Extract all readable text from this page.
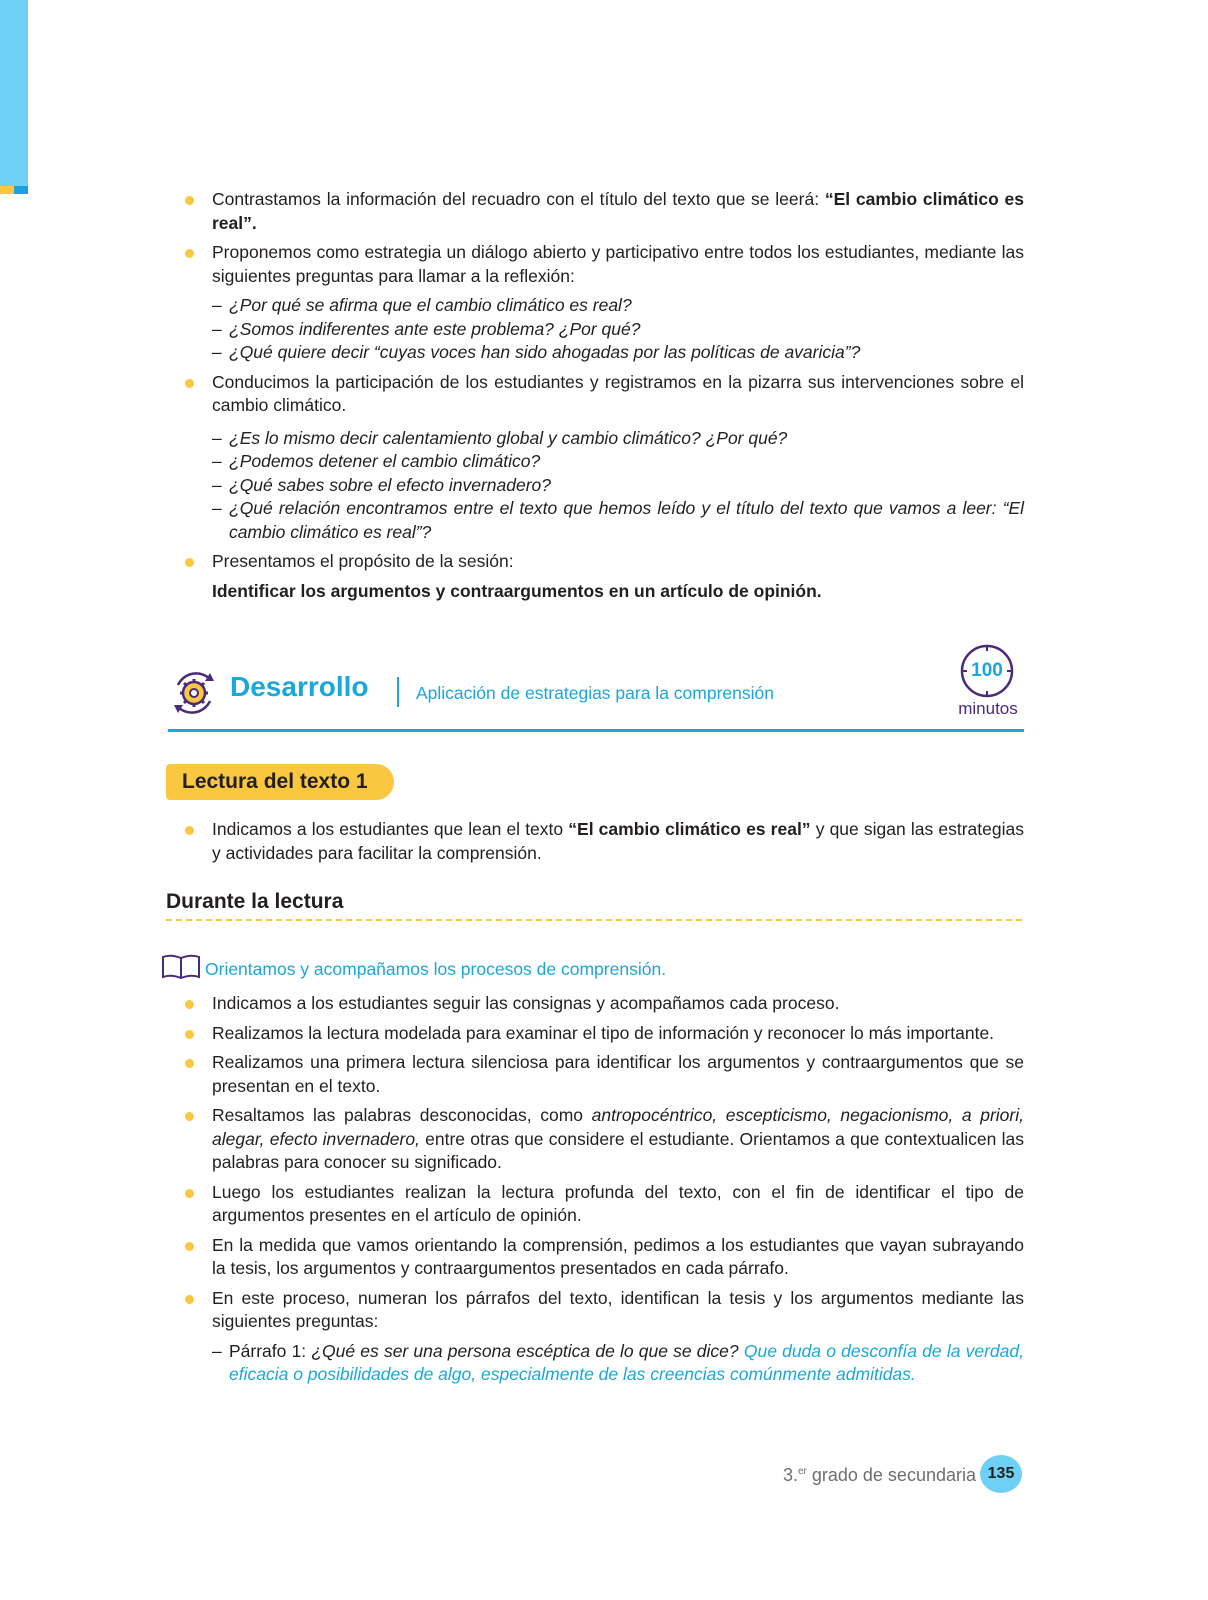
Contrastamos la información del recuadro con el título del texto que se leerá: “El cambio climático es real”.

Proponemos como estrategia un diálogo abierto y participativo entre todos los estudiantes, mediante las siguientes preguntas para llamar a la reflexión:

– ¿Por qué se afirma que el cambio climático es real?

– ¿Somos indiferentes ante este problema? ¿Por qué?

– ¿Qué quiere decir “cuyas voces han sido ahogadas por las políticas de avaricia”?

Conducimos la participación de los estudiantes y registramos en la pizarra sus intervenciones sobre el cambio climático.

– ¿Es lo mismo decir calentamiento global y cambio climático? ¿Por qué?

– ¿Podemos detener el cambio climático?

– ¿Qué sabes sobre el efecto invernadero?

– ¿Qué relación encontramos entre el texto que hemos leído y el título del texto que vamos a leer: “El cambio climático es real”?

Presentamos el propósito de la sesión:

Identificar los argumentos y contraargumentos en un artículo de opinión.
Desarrollo	Aplicación de estrategias para la comprensión
100
minutos
Lectura del texto 1

Indicamos a los estudiantes que lean el texto “El cambio climático es real” y que sigan las estrategias y actividades para facilitar la comprensión.

Durante la lectura
Orientamos y acompañamos los procesos de comprensión.

Indicamos a los estudiantes seguir las consignas y acompañamos cada proceso.

Realizamos la lectura modelada para examinar el tipo de información y reconocer lo más importante.

Realizamos una primera lectura silenciosa para identificar los argumentos y contraargumentos que se presentan en el texto.

Resaltamos las palabras desconocidas, como antropocéntrico, escepticismo, negacionismo, a priori, alegar, efecto invernadero, entre otras que considere el estudiante. Orientamos a que contextualicen las palabras para conocer su significado.

Luego los estudiantes realizan la lectura profunda del texto, con el fin de identificar el tipo de argumentos presentes en el artículo de opinión.

En la medida que vamos orientando la comprensión, pedimos a los estudiantes que vayan subrayando la tesis, los argumentos y contraargumentos presentados en cada párrafo.

En este proceso, numeran los párrafos del texto, identifican la tesis y los argumentos mediante las siguientes preguntas:

– Párrafo 1: ¿Qué es ser una persona escéptica de lo que se dice? Que duda o desconfía de la verdad, eficacia o posibilidades de algo, especialmente de las creencias comúnmente admitidas.

3.$^{er}$ grado de secundaria 135
